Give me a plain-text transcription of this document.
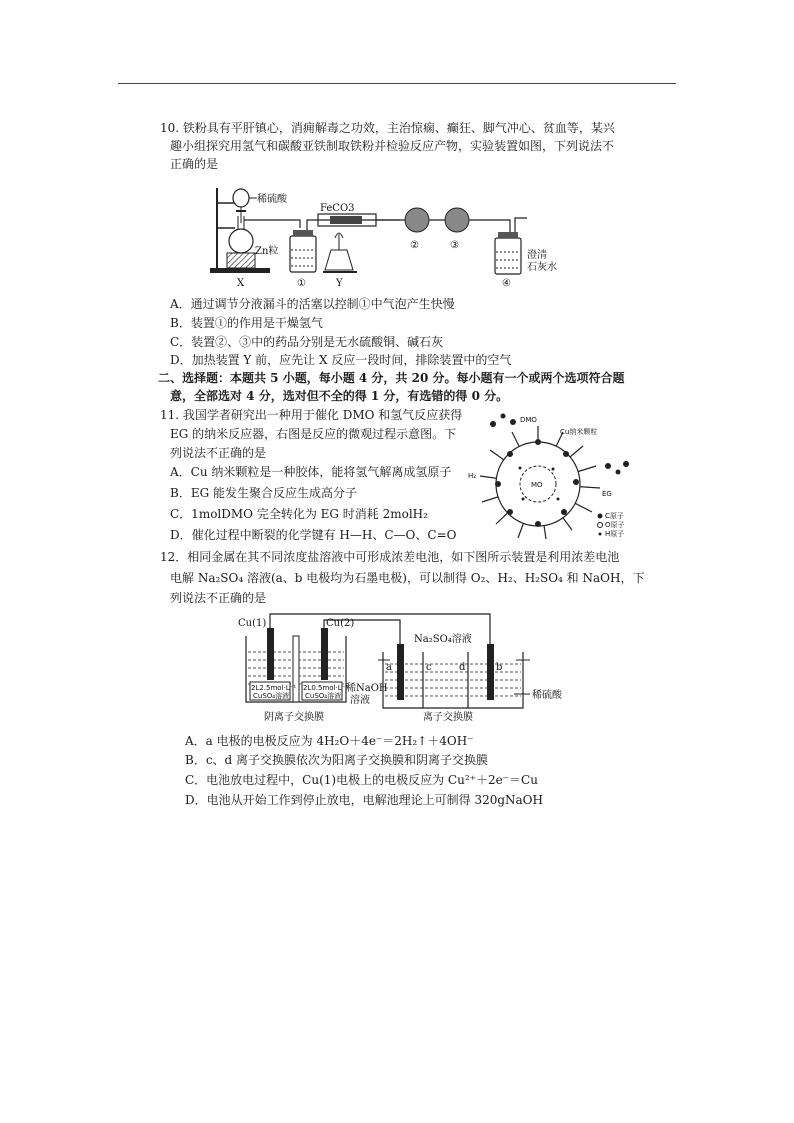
10. 铁粉具有平肝镇心，消痈解毒之功效，主治惊痫、癫狂、脚气冲心、贫血等，某兴
趣小组探究用氢气和碳酸亚铁制取铁粉并检验反应产物，实验装置如图，下列说法不
正确的是
稀硫酸
FeCO3
Zn粒	澄清
石灰水
X	Y
①
②	③
④
A．通过调节分液漏斗的活塞以控制①中气泡产生快慢
B．装置①的作用是干燥氢气
C．装置②、③中的药品分别是无水硫酸铜、碱石灰
D．加热装置 Y 前，应先让 X 反应一段时间，排除装置中的空气
二、选择题：本题共 5 小题，每小题 4 分，共 20 分。每小题有一个或两个选项符合题
意，全部选对 4 分，选对但不全的得 1 分，有选错的得 0 分。
11. 我国学者研究出一种用于催化 DMO 和氢气反应获得
EG 的纳米反应器，右图是反应的微观过程示意图。下
列说法不正确的是
A．Cu 纳米颗粒是一种胶体，能将氢气解离成氢原子
B．EG 能发生聚合反应生成高分子
C．1molDMO 完全转化为 EG 时消耗 2molH₂
D．催化过程中断裂的化学键有 H—H、C—O、C=O
DMO
Cu纳米颗粒
H₂
MO
EG
C原子
O原子
H原子
12．相同金属在其不同浓度盐溶液中可形成浓差电池，如下图所示装置是利用浓差电池
电解 Na₂SO₄ 溶液(a、b 电极均为石墨电极)，可以制得 O₂、H₂、H₂SO₄ 和 NaOH，下
列说法不正确的是
Cu(1)	Cu(2)
2L2.5mol·L⁻¹
CuSO₄溶液
2L0.5mol·L⁻¹
CuSO₄溶液
Na₂SO₄溶液
a	b
c	d
稀NaOH
溶液	稀硫酸
阴离子交换膜	离子交换膜
A．a 电极的电极反应为 4H₂O＋4e⁻＝2H₂↑＋4OH⁻
B．c、d 离子交换膜依次为阳离子交换膜和阴离子交换膜
C．电池放电过程中，Cu(1)电极上的电极反应为 Cu²⁺＋2e⁻＝Cu
D．电池从开始工作到停止放电，电解池理论上可制得 320gNaOH
